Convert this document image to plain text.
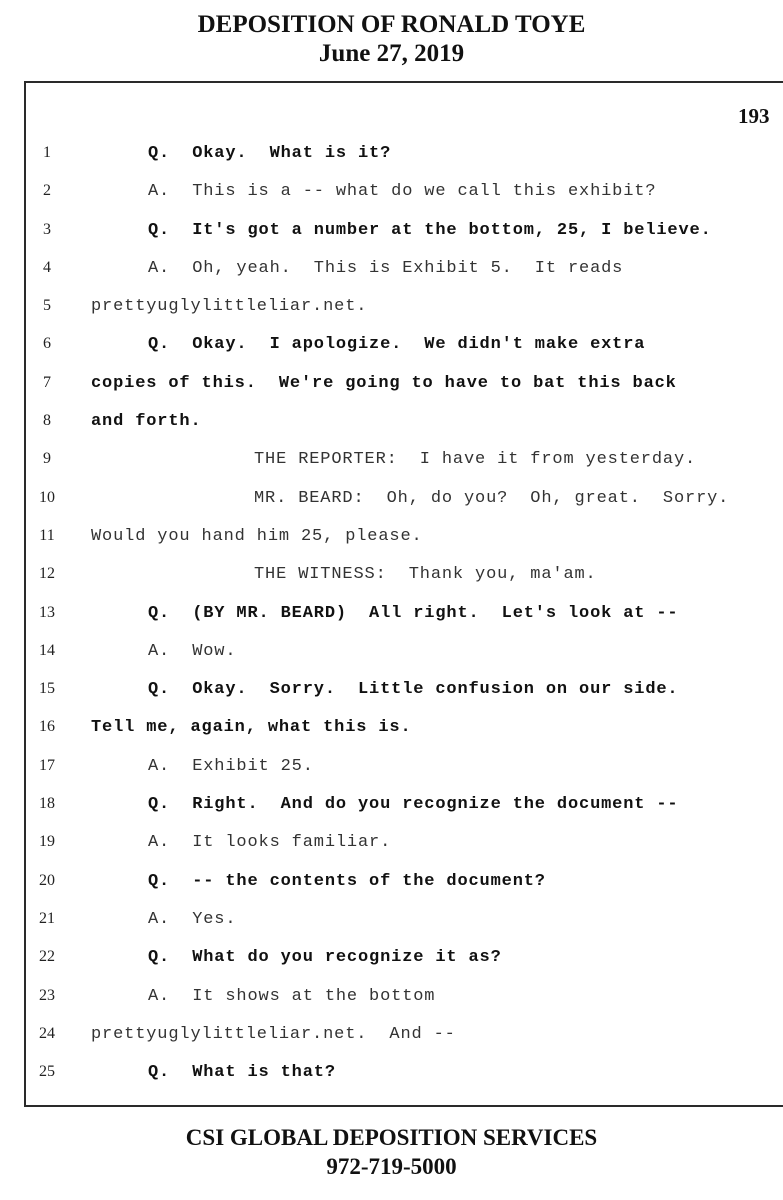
DEPOSITION OF RONALD TOYE
June 27, 2019
193
1	Q.  Okay.  What is it?
2	A.  This is a -- what do we call this exhibit?
3	Q.  It's got a number at the bottom, 25, I believe.
4	A.  Oh, yeah.  This is Exhibit 5.  It reads
5	prettyuglylittleliar.net.
6	Q.  Okay.  I apologize.  We didn't make extra
7	copies of this.  We're going to have to bat this back
8	and forth.
9	THE REPORTER:  I have it from yesterday.
10	MR. BEARD:  Oh, do you?  Oh, great.  Sorry.
11	Would you hand him 25, please.
12	THE WITNESS:  Thank you, ma'am.
13	Q.  (BY MR. BEARD)  All right.  Let's look at --
14	A.  Wow.
15	Q.  Okay.  Sorry.  Little confusion on our side.
16	Tell me, again, what this is.
17	A.  Exhibit 25.
18	Q.  Right.  And do you recognize the document --
19	A.  It looks familiar.
20	Q.  -- the contents of the document?
21	A.  Yes.
22	Q.  What do you recognize it as?
23	A.  It shows at the bottom
24	prettyuglylittleliar.net.  And --
25	Q.  What is that?
CSI GLOBAL DEPOSITION SERVICES
972-719-5000
